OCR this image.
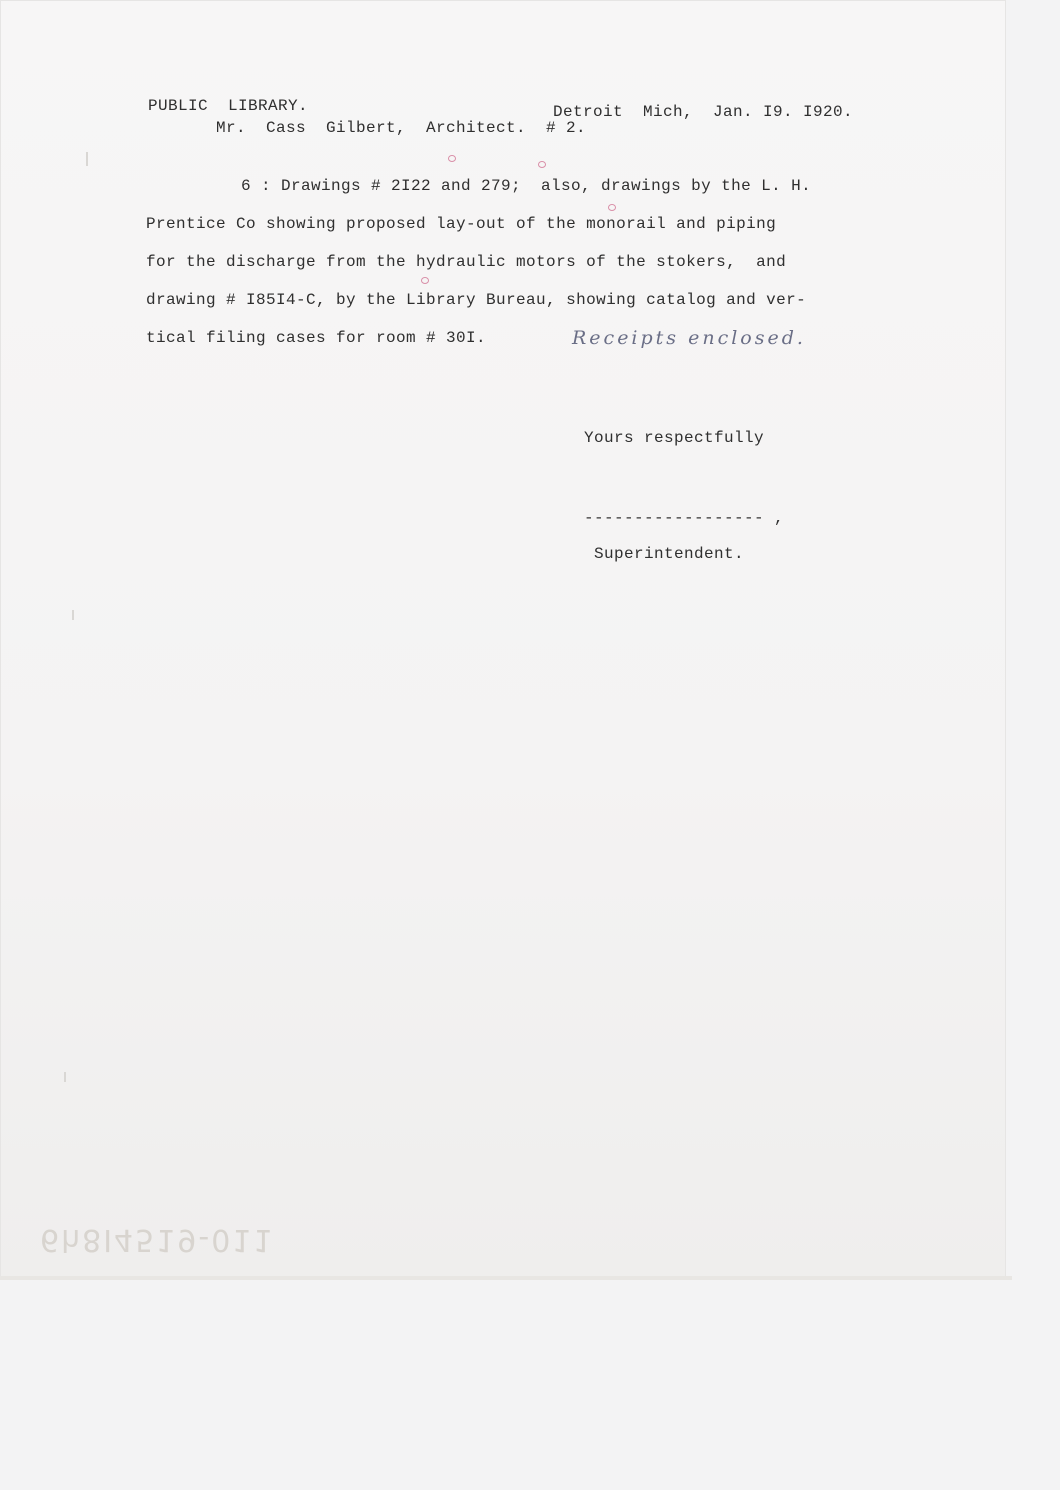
PUBLIC  LIBRARY.	Detroit  Mich,  Jan. I9. I920.
Mr.  Cass  Gilbert,  Architect.  # 2.
6 : Drawings # 2I22 and 279;  also, drawings by the L. H.
Prentice Co showing proposed lay-out of the monorail and piping
for the discharge from the hydraulic motors of the stokers,  and
drawing # I85I4-C, by the Library Bureau, showing catalog and ver-
tical filing cases for room # 30I.	Receipts enclosed.
Yours respectfully
------------------ ,
Superintendent.
6h8I4519-011
